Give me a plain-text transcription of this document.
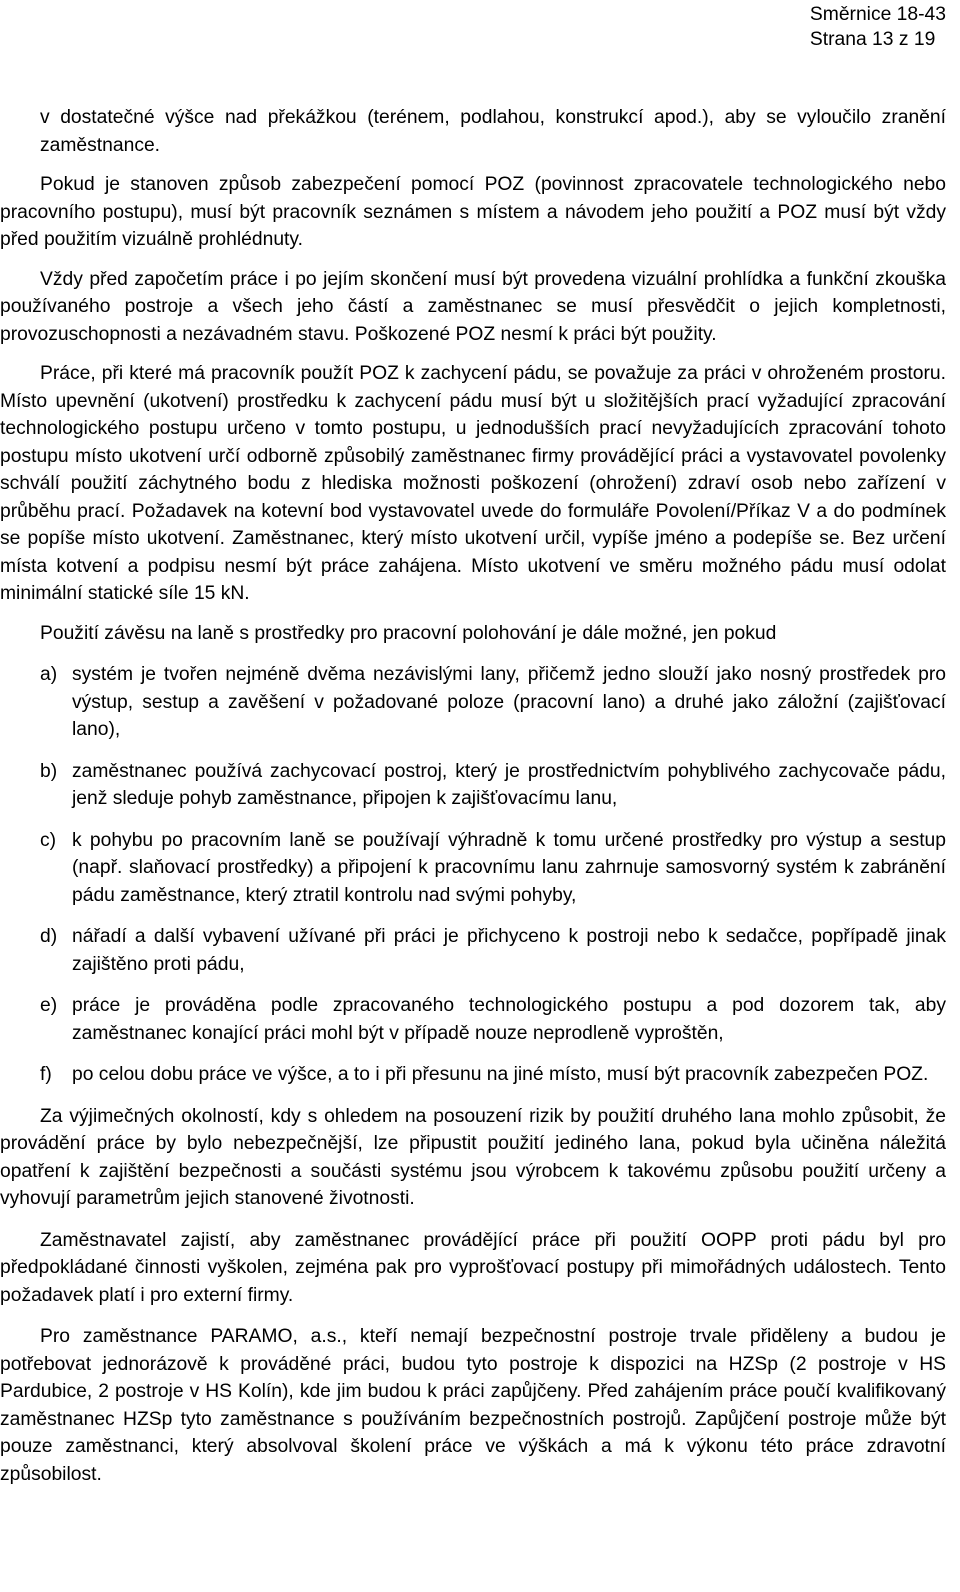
Směrnice 18-43
Strana 13 z 19

v dostatečné výšce nad překážkou (terénem, podlahou, konstrukcí apod.), aby se vyloučilo zranění zaměstnance.

Pokud je stanoven způsob zabezpečení pomocí POZ (povinnost zpracovatele technologického nebo pracovního postupu), musí být pracovník seznámen s místem a návodem jeho použití a POZ musí být vždy před použitím vizuálně prohlédnuty.

Vždy před započetím práce i po jejím skončení musí být provedena vizuální prohlídka a funkční zkouška používaného postroje a všech jeho částí a zaměstnanec se musí přesvědčit o jejich kompletnosti, provozuschopnosti a nezávadném stavu. Poškozené POZ nesmí k práci být použity.

Práce, při které má pracovník použít POZ k zachycení pádu, se považuje za práci v ohroženém prostoru. Místo upevnění (ukotvení) prostředku k zachycení pádu musí být u složitějších prací vyžadující zpracování technologického postupu určeno v tomto postupu, u jednodušších prací nevyžadujících zpracování tohoto postupu místo ukotvení určí odborně způsobilý zaměstnanec firmy provádějící práci a vystavovatel povolenky schválí použití záchytného bodu z hlediska možnosti poškození (ohrožení) zdraví osob nebo zařízení v průběhu prací. Požadavek na kotevní bod vystavovatel uvede do formuláře Povolení/Příkaz V a do podmínek se popíše místo ukotvení. Zaměstnanec, který místo ukotvení určil, vypíše jméno a podepíše se. Bez určení místa kotvení a podpisu nesmí být práce zahájena. Místo ukotvení ve směru možného pádu musí odolat minimální statické síle 15 kN.

Použití závěsu na laně s prostředky pro pracovní polohování je dále možné, jen pokud

a) systém je tvořen nejméně dvěma nezávislými lany, přičemž jedno slouží jako nosný prostředek pro výstup, sestup a zavěšení v požadované poloze (pracovní lano) a druhé jako záložní (zajišťovací lano),
b) zaměstnanec používá zachycovací postroj, který je prostřednictvím pohyblivého zachycovače pádu, jenž sleduje pohyb zaměstnance, připojen k zajišťovacímu lanu,
c) k pohybu po pracovním laně se používají výhradně k tomu určené prostředky pro výstup a sestup (např. slaňovací prostředky) a připojení k pracovnímu lanu zahrnuje samosvorný systém k zabránění pádu zaměstnance, který ztratil kontrolu nad svými pohyby,
d) nářadí a další vybavení užívané při práci je přichyceno k postroji nebo k sedačce, popřípadě jinak zajištěno proti pádu,
e) práce je prováděna podle zpracovaného technologického postupu a pod dozorem tak, aby zaměstnanec konající práci mohl být v případě nouze neprodleně vyproštěn,
f) po celou dobu práce ve výšce, a to i při přesunu na jiné místo, musí být pracovník zabezpečen POZ.

Za výjimečných okolností, kdy s ohledem na posouzení rizik by použití druhého lana mohlo způsobit, že provádění práce by bylo nebezpečnější, lze připustit použití jediného lana, pokud byla učiněna náležitá opatření k zajištění bezpečnosti a součásti systému jsou výrobcem k takovému způsobu použití určeny a vyhovují parametrům jejich stanovené životnosti.

Zaměstnavatel zajistí, aby zaměstnanec provádějící práce při použití OOPP proti pádu byl pro předpokládané činnosti vyškolen, zejména pak pro vyprošťovací postupy při mimořádných událostech. Tento požadavek platí i pro externí firmy.

Pro zaměstnance PARAMO, a.s., kteří nemají bezpečnostní postroje trvale přiděleny a budou je potřebovat jednorázově k prováděné práci, budou tyto postroje k dispozici na HZSp (2 postroje v HS Pardubice, 2 postroje v HS Kolín), kde jim budou k práci zapůjčeny. Před zahájením práce poučí kvalifikovaný zaměstnanec HZSp tyto zaměstnance s používáním bezpečnostních postrojů. Zapůjčení postroje může být pouze zaměstnanci, který absolvoval školení práce ve výškách a má k výkonu této práce zdravotní způsobilost.
